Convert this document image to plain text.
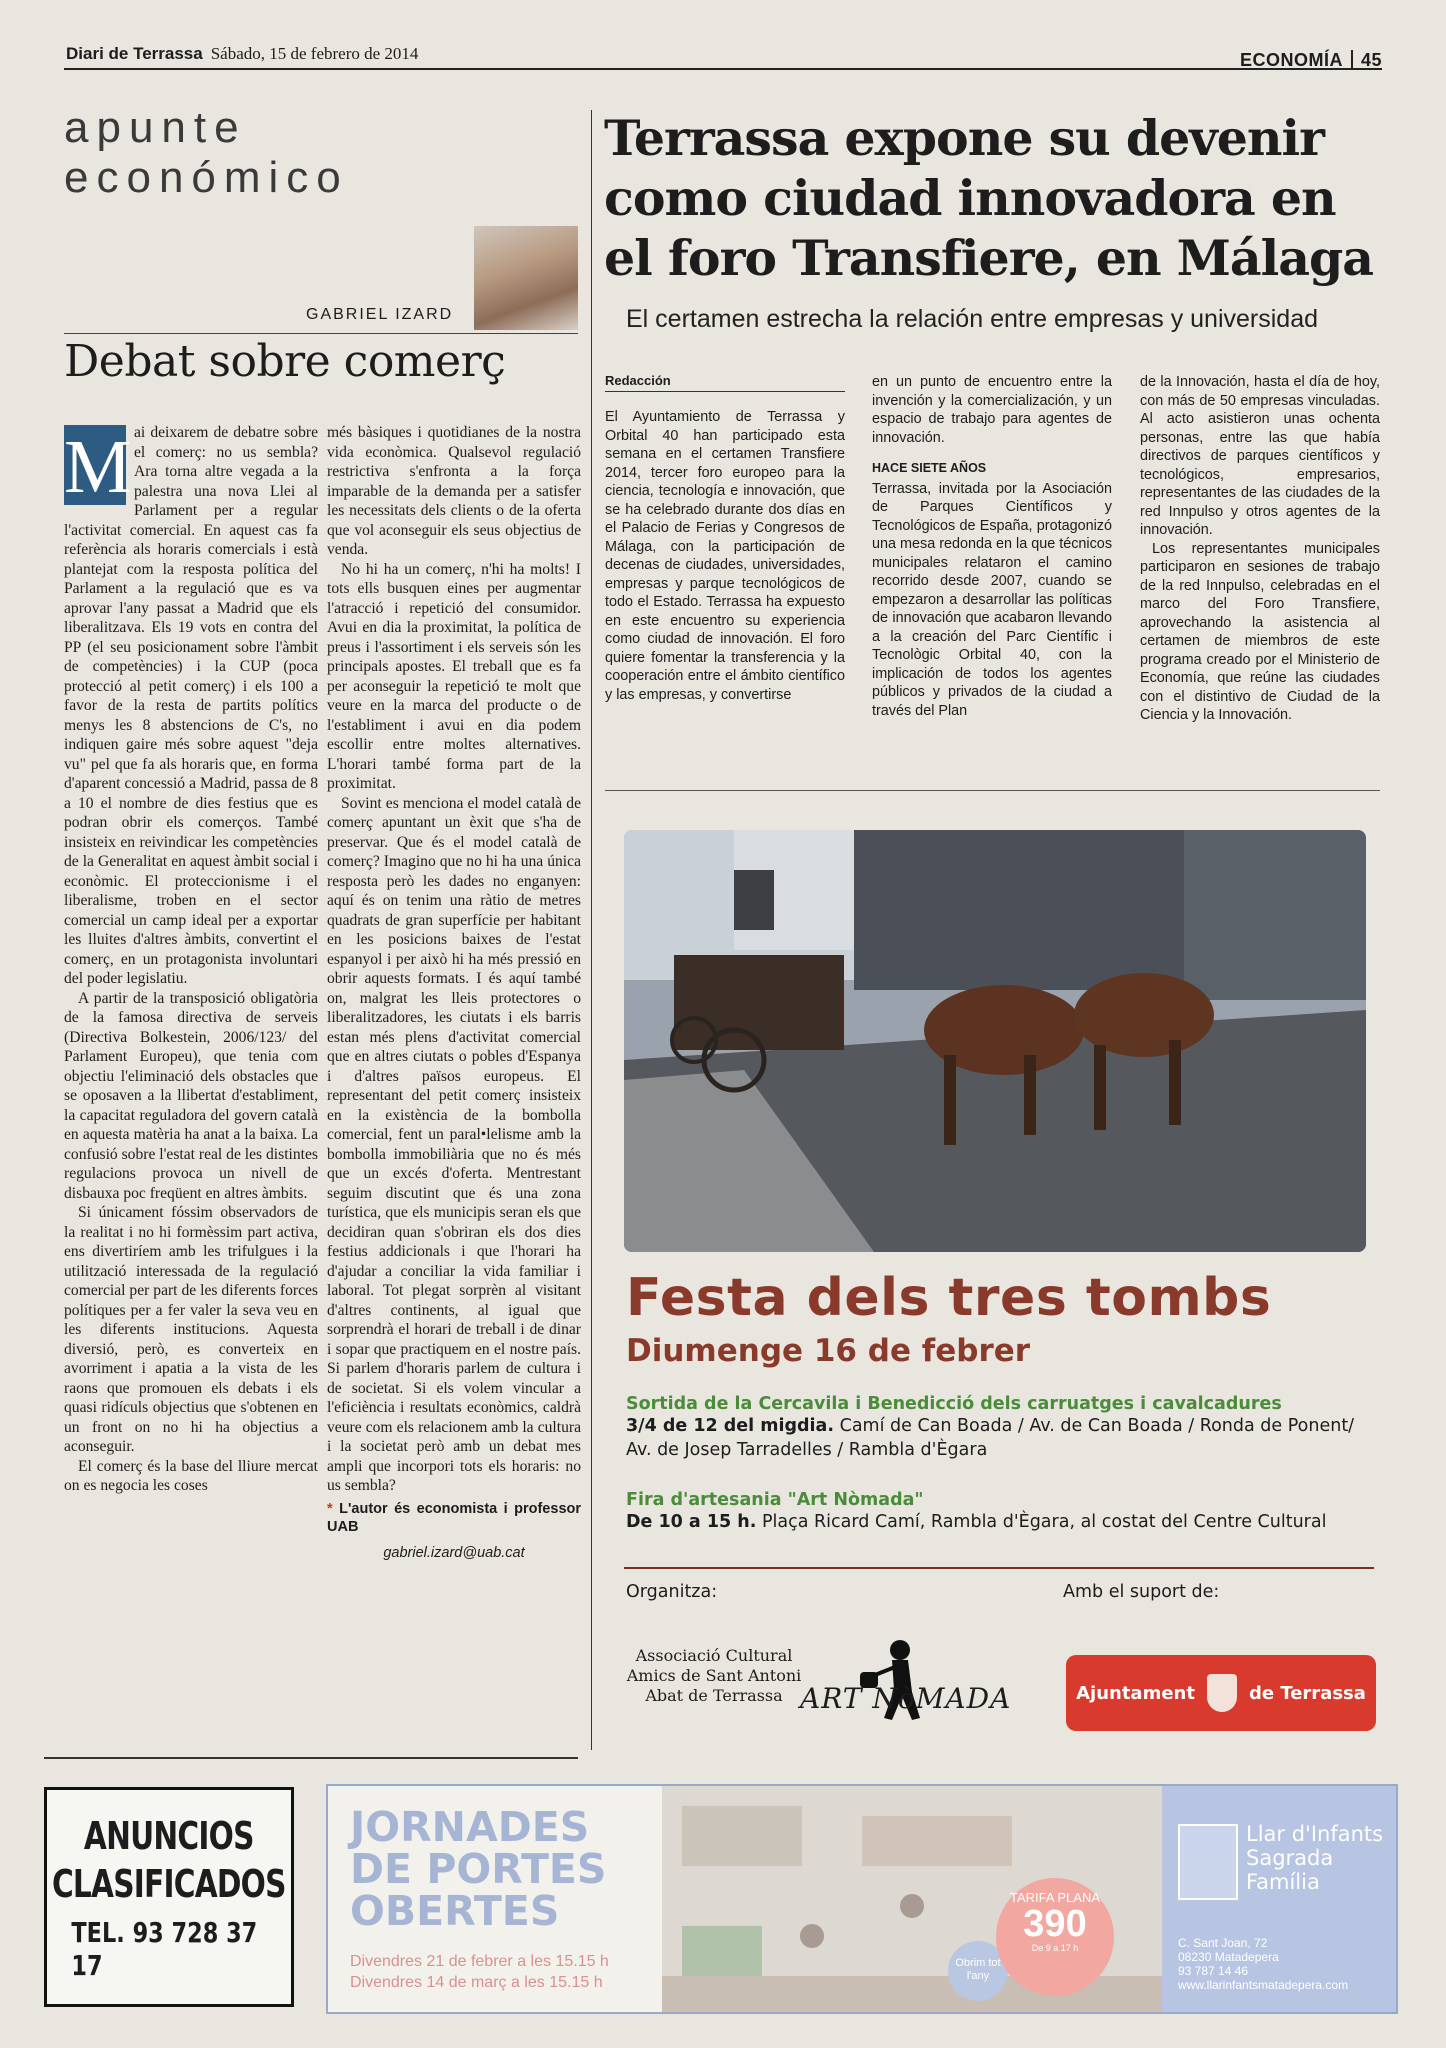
Diari de Terrassa Sábado, 15 de febrero de 2014	ECONOMÍA 45
apunte
económico
GABRIEL IZARD
Debat sobre comerç

M ai deixarem de debatre sobre el comerç: no us sembla? Ara torna altre vegada a la palestra una nova Llei al Parlament per a regular l'activitat comercial. En aquest cas fa referència als horaris comercials i està plantejat com la resposta política del Parlament a la regulació que es va aprovar l'any passat a Madrid que els liberalitzava. Els 19 vots en contra del PP (el seu posicionament sobre l'àmbit de competències) i la CUP (poca protecció al petit comerç) i els 100 a favor de la resta de partits polítics menys les 8 abstencions de C's, no indiquen gaire més sobre aquest "deja vu" pel que fa als horaris que, en forma d'aparent concessió a Madrid, passa de 8 a 10 el nombre de dies festius que es podran obrir els comerços. També insisteix en reivindicar les competències de la Generalitat en aquest àmbit social i econòmic. El proteccionisme i el liberalisme, troben en el sector comercial un camp ideal per a exportar les lluites d'altres àmbits, convertint el comerç, en un protagonista involuntari del poder legislatiu.

A partir de la transposició obligatòria de la famosa directiva de serveis (Directiva Bolkestein, 2006/123/ del Parlament Europeu), que tenia com objectiu l'eliminació dels obstacles que se oposaven a la llibertat d'establiment, la capacitat reguladora del govern català en aquesta matèria ha anat a la baixa. La confusió sobre l'estat real de les distintes regulacions provoca un nivell de disbauxa poc freqüent en altres àmbits.

Si únicament fóssim observadors de la realitat i no hi formèssim part activa, ens divertiríem amb les trifulgues i la utilització interessada de la regulació comercial per part de les diferents forces polítiques per a fer valer la seva veu en les diferents institucions. Aquesta diversió, però, es converteix en avorriment i apatia a la vista de les raons que promouen els debats i els quasi ridículs objectius que s'obtenen en un front on no hi ha objectius a aconseguir.

El comerç és la base del lliure mercat on es negocia les coses

més bàsiques i quotidianes de la nostra vida econòmica. Qualsevol regulació restrictiva s'enfronta a la força imparable de la demanda per a satisfer les necessitats dels clients o de la oferta que vol aconseguir els seus objectius de venda.

No hi ha un comerç, n'hi ha molts! I tots ells busquen eines per augmentar l'atracció i repetició del consumidor. Avui en dia la proximitat, la política de preus i l'assortiment i els serveis són les principals apostes. El treball que es fa per aconseguir la repetició te molt que veure en la marca del producte o de l'establiment i avui en dia podem escollir entre moltes alternatives. L'horari també forma part de la proximitat.

Sovint es menciona el model català de comerç apuntant un èxit que s'ha de preservar. Que és el model català de comerç? Imagino que no hi ha una única resposta però les dades no enganyen: aquí és on tenim una ràtio de metres quadrats de gran superfície per habitant en les posicions baixes de l'estat espanyol i per això hi ha més pressió en obrir aquests formats. I és aquí també on, malgrat les lleis protectores o liberalitzadores, les ciutats i els barris estan més plens d'activitat comercial que en altres ciutats o pobles d'Espanya i d'altres països europeus. El representant del petit comerç insisteix en la existència de la bombolla comercial, fent un paral•lelisme amb la bombolla immobiliària que no és més que un excés d'oferta. Mentrestant seguim discutint que és una zona turística, que els municipis seran els que decidiran quan s'obriran els dos dies festius addicionals i que l'horari ha d'ajudar a conciliar la vida familiar i laboral. Tot plegat sorprèn al visitant d'altres continents, al igual que sorprendrà el horari de treball i de dinar i sopar que practiquem en el nostre país. Si parlem d'horaris parlem de cultura i de societat. Si els volem vincular a l'eficiència i resultats econòmics, caldrà veure com els relacionem amb la cultura i la societat però amb un debat mes ampli que incorpori tots els horaris: no us sembla?

* L'autor és economista i professor UAB

gabriel.izard@uab.cat

Terrassa expone su devenir como ciudad innovadora en el foro Transfiere, en Málaga
El certamen estrecha la relación entre empresas y universidad
Redacción

El Ayuntamiento de Terrassa y Orbital 40 han participado esta semana en el certamen Transfiere 2014, tercer foro europeo para la ciencia, tecnología e innovación, que se ha celebrado durante dos días en el Palacio de Ferias y Congresos de Málaga, con la participación de decenas de ciudades, universidades, empresas y parque tecnológicos de todo el Estado. Terrassa ha expuesto en este encuentro su experiencia como ciudad de innovación. El foro quiere fomentar la transferencia y la cooperación entre el ámbito científico y las empresas, y convertirse

en un punto de encuentro entre la invención y la comercialización, y un espacio de trabajo para agentes de innovación.

HACE SIETE AÑOS

Terrassa, invitada por la Asociación de Parques Científicos y Tecnológicos de España, protagonizó una mesa redonda en la que técnicos municipales relataron el camino recorrido desde 2007, cuando se empezaron a desarrollar las políticas de innovación que acabaron llevando a la creación del Parc Científic i Tecnològic Orbital 40, con la implicación de todos los agentes públicos y privados de la ciudad a través del Plan

de la Innovación, hasta el día de hoy, con más de 50 empresas vinculadas. Al acto asistieron unas ochenta personas, entre las que había directivos de parques científicos y tecnológicos, empresarios, representantes de las ciudades de la red Innpulso y otros agentes de la innovación.

Los representantes municipales participaron en sesiones de trabajo de la red Innpulso, celebradas en el marco del Foro Transfiere, aprovechando la asistencia al certamen de miembros de este programa creado por el Ministerio de Economía, que reúne las ciudades con el distintivo de Ciudad de la Ciencia y la Innovación.

Festa dels tres tombs
Diumenge 16 de febrer
Sortida de la Cercavila i Benedicció dels carruatges i cavalcadures
3/4 de 12 del migdia. Camí de Can Boada / Av. de Can Boada / Ronda de Ponent/ Av. de Josep Tarradelles / Rambla d'Ègara
Fira d'artesania "Art Nòmada"
De 10 a 15 h. Plaça Ricard Camí, Rambla d'Ègara, al costat del Centre Cultural
Organitza:	Amb el suport de:
Associació Cultural Amics de Sant Antoni Abat de Terrassa ART NòMADA	Ajuntament	de Terrassa
ANUNCIOS
CLASIFICADOS
TEL. 93 728 37 17
JORNADES
DE PORTES
OBERTES
Divendres 21 de febrer a les 15.15 h
Divendres 14 de març a les 15.15 h
Obrim tot l'any
TARIFA PLANA
390
De 9 a 17 h
Llar d'Infants
Sagrada
Família
C. Sant Joan, 72
08230 Matadepera
93 787 14 46
www.llarinfantsmatadepera.com
